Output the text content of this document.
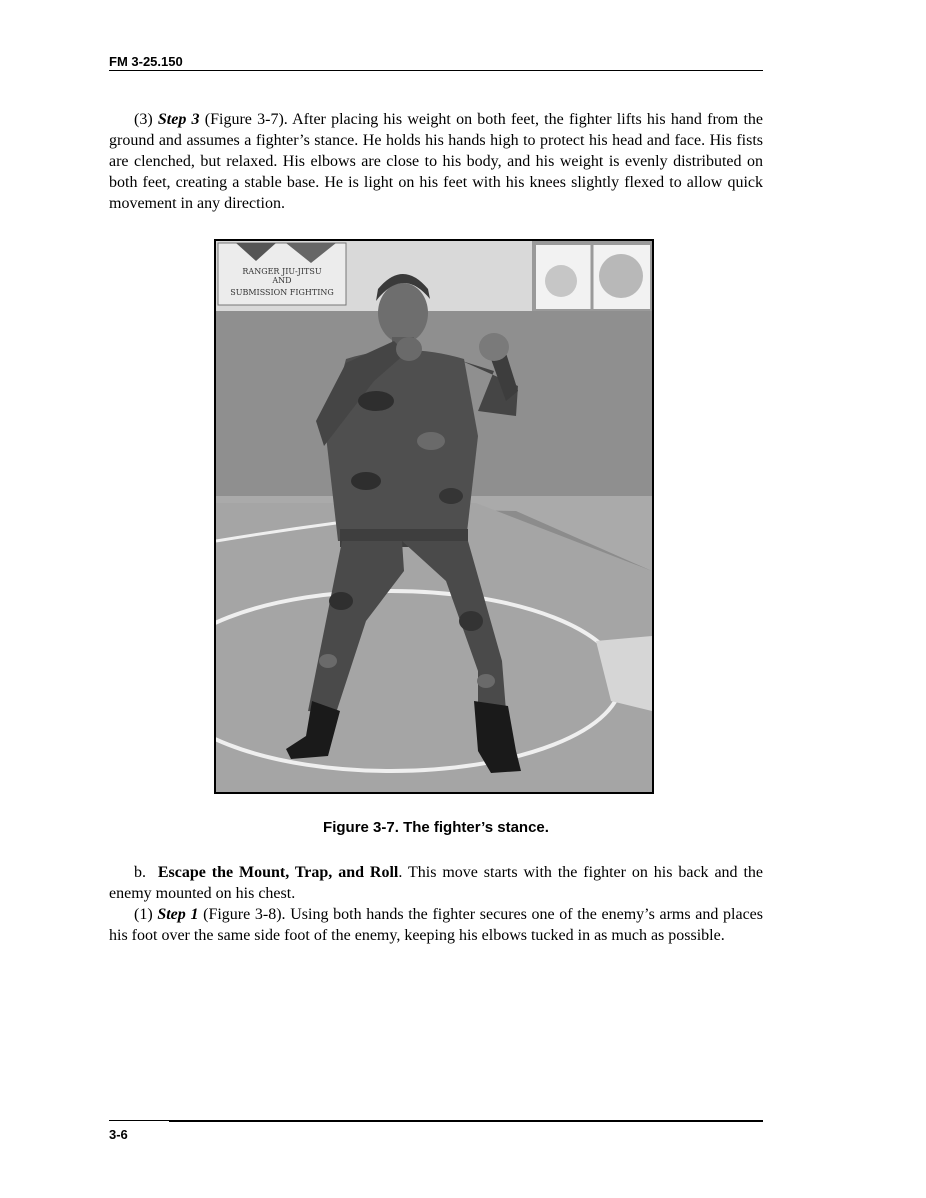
FM 3-25.150

(3) Step 3 (Figure 3-7). After placing his weight on both feet, the fighter lifts his hand from the ground and assumes a fighter’s stance. He holds his hands high to protect his head and face. His fists are clenched, but relaxed. His elbows are close to his body, and his weight is evenly distributed on both feet, creating a stable base. He is light on his feet with his knees slightly flexed to allow quick movement in any direction.

RANGER JIU-JITSU
AND
SUBMISSION FIGHTING
Figure 3-7. The fighter’s stance.

b. Escape the Mount, Trap, and Roll. This move starts with the fighter on his back and the enemy mounted on his chest.

(1) Step 1 (Figure 3-8). Using both hands the fighter secures one of the enemy’s arms and places his foot over the same side foot of the enemy, keeping his elbows tucked in as much as possible.

3-6
